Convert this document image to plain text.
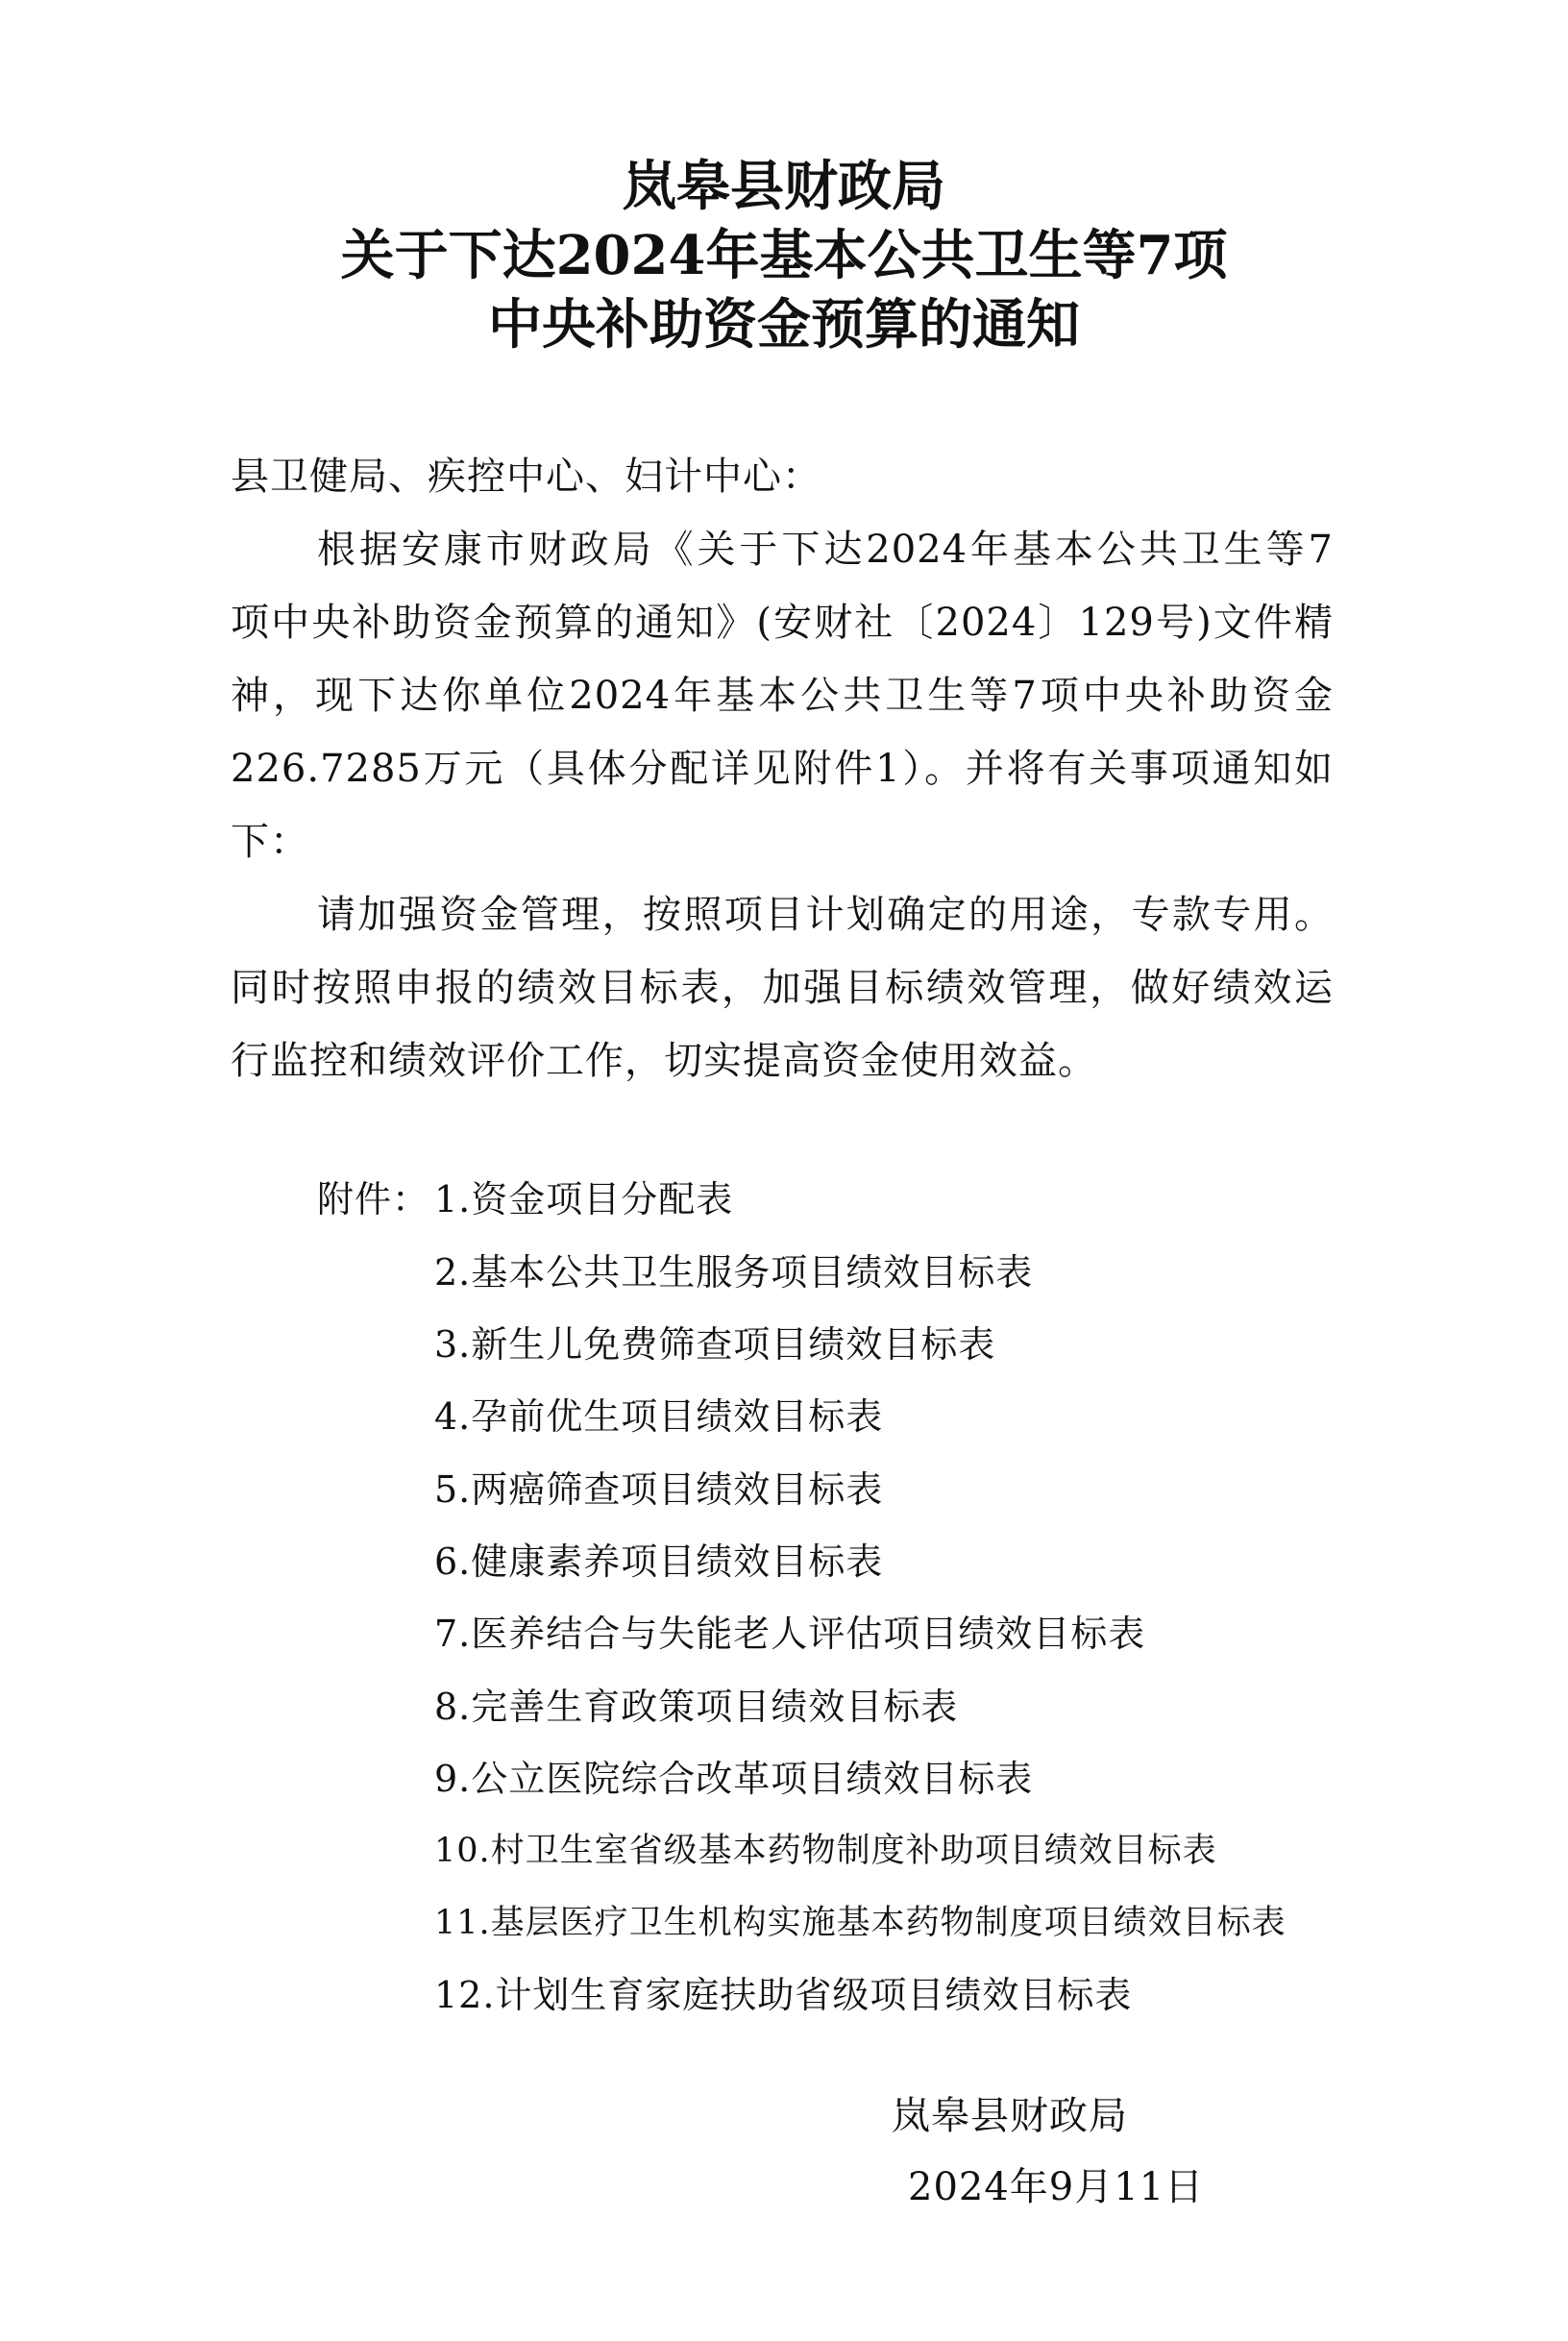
岚皋县财政局
关于下达2024年基本公共卫生等7项
中央补助资金预算的通知
县卫健局、疾控中心、妇计中心：
根据安康市财政局《关于下达2024年基本公共卫生等7
项中央补助资金预算的通知》(安财社〔2024〕129号)文件精
神，现下达你单位2024年基本公共卫生等7项中央补助资金
226.7285万元（具体分配详见附件1）。并将有关事项通知如
下：
请加强资金管理，按照项目计划确定的用途，专款专用。
同时按照申报的绩效目标表，加强目标绩效管理，做好绩效运
行监控和绩效评价工作，切实提高资金使用效益。
附件： 1.资金项目分配表
2.基本公共卫生服务项目绩效目标表
3.新生儿免费筛查项目绩效目标表
4.孕前优生项目绩效目标表
5.两癌筛查项目绩效目标表
6.健康素养项目绩效目标表
7.医养结合与失能老人评估项目绩效目标表
8.完善生育政策项目绩效目标表
9.公立医院综合改革项目绩效目标表
10.村卫生室省级基本药物制度补助项目绩效目标表
11.基层医疗卫生机构实施基本药物制度项目绩效目标表
12.计划生育家庭扶助省级项目绩效目标表
岚皋县财政局
2024年9月11日
